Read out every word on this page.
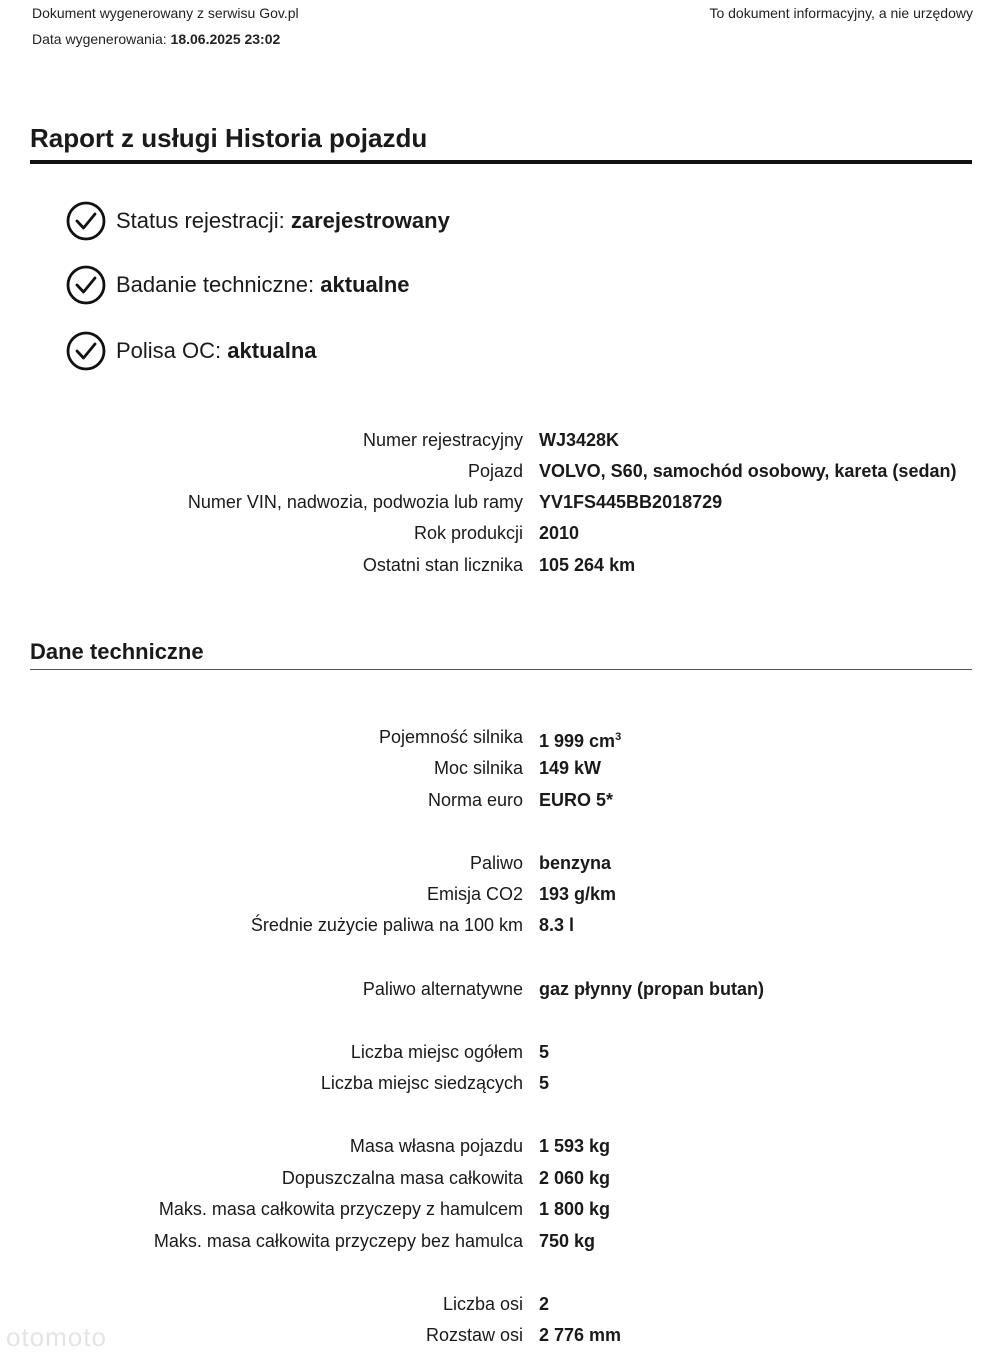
Dokument wygenerowany z serwisu Gov.pl
Data wygenerowania: 18.06.2025 23:02
To dokument informacyjny, a nie urzędowy
Raport z usługi Historia pojazdu
Status rejestracji: zarejestrowany
Badanie techniczne: aktualne
Polisa OC: aktualna
Numer rejestracyjny WJ3428K
Pojazd VOLVO, S60, samochód osobowy, kareta (sedan)
Numer VIN, nadwozia, podwozia lub ramy YV1FS445BB2018729
Rok produkcji 2010
Ostatni stan licznika 105 264 km
Dane techniczne
Pojemność silnika 1 999 $cm^3$
Moc silnika 149 kW
Norma euro EURO 5*
Paliwo benzyna
Emisja CO2 193 g/km
Średnie zużycie paliwa na 100 km 8.3 l
Paliwo alternatywne gaz płynny (propan butan)
Liczba miejsc ogółem 5
Liczba miejsc siedzących 5
Masa własna pojazdu 1 593 kg
Dopuszczalna masa całkowita 2 060 kg
Maks. masa całkowita przyczepy z hamulcem 1 800 kg
Maks. masa całkowita przyczepy bez hamulca 750 kg
Liczba osi 2
Rozstaw osi 2 776 mm
otomoto
